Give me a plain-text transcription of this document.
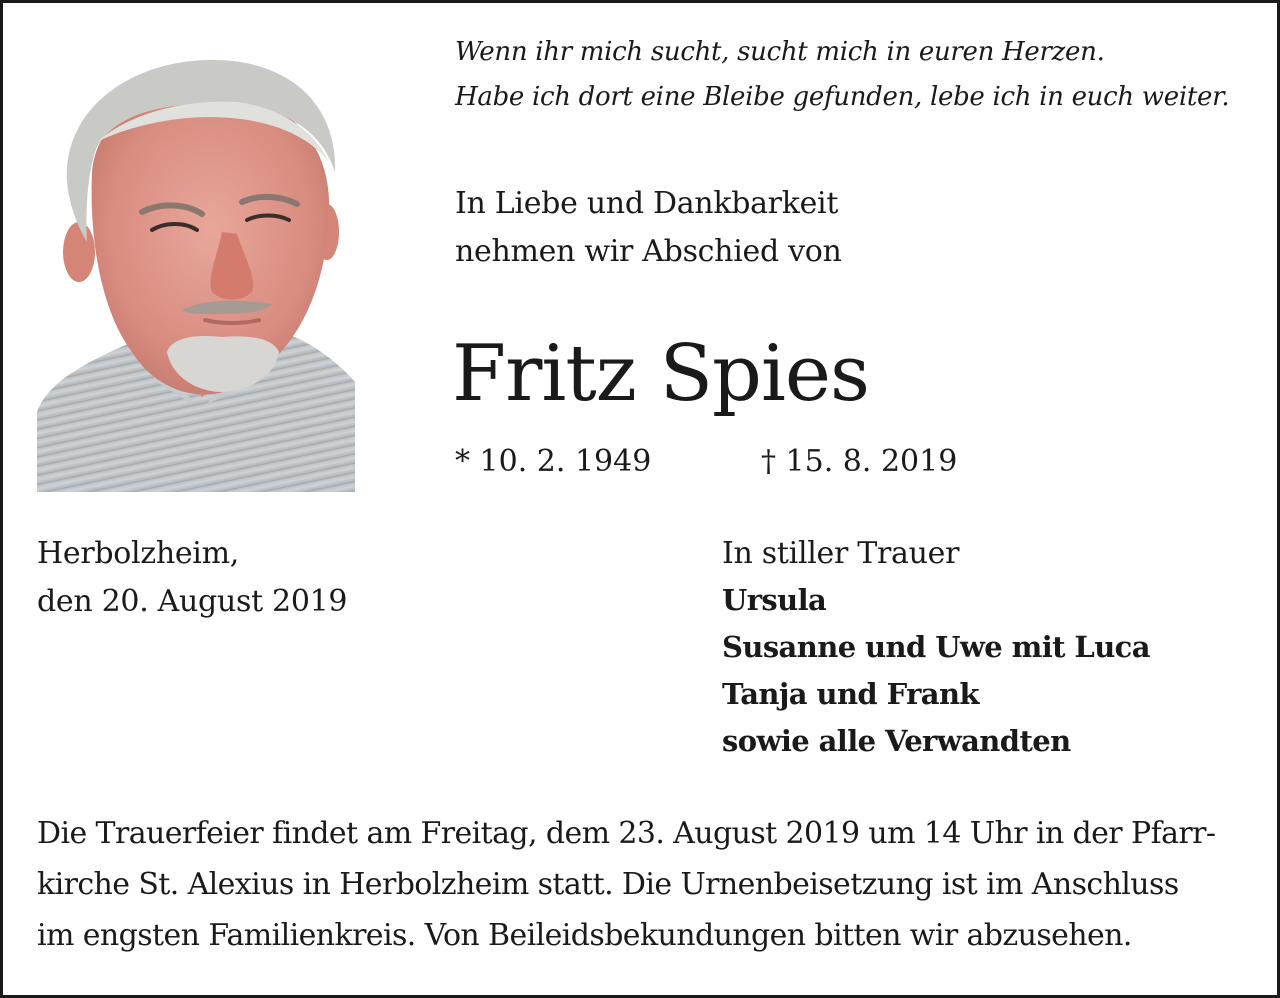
Wenn ihr mich sucht, sucht mich in euren Herzen.
Habe ich dort eine Bleibe gefunden, lebe ich in euch weiter.
In Liebe und Dankbarkeit
nehmen wir Abschied von
Fritz Spies
* 10. 2. 1949	† 15. 8. 2019
Herbolzheim,
den 20. August 2019
In stiller Trauer
Ursula
Susanne und Uwe mit Luca
Tanja und Frank
sowie alle Verwandten
Die Trauerfeier findet am Freitag, dem 23. August 2019 um 14 Uhr in der Pfarr-
kirche St. Alexius in Herbolzheim statt. Die Urnenbeisetzung ist im Anschluss
im engsten Familienkreis. Von Beileidsbekundungen bitten wir abzusehen.
